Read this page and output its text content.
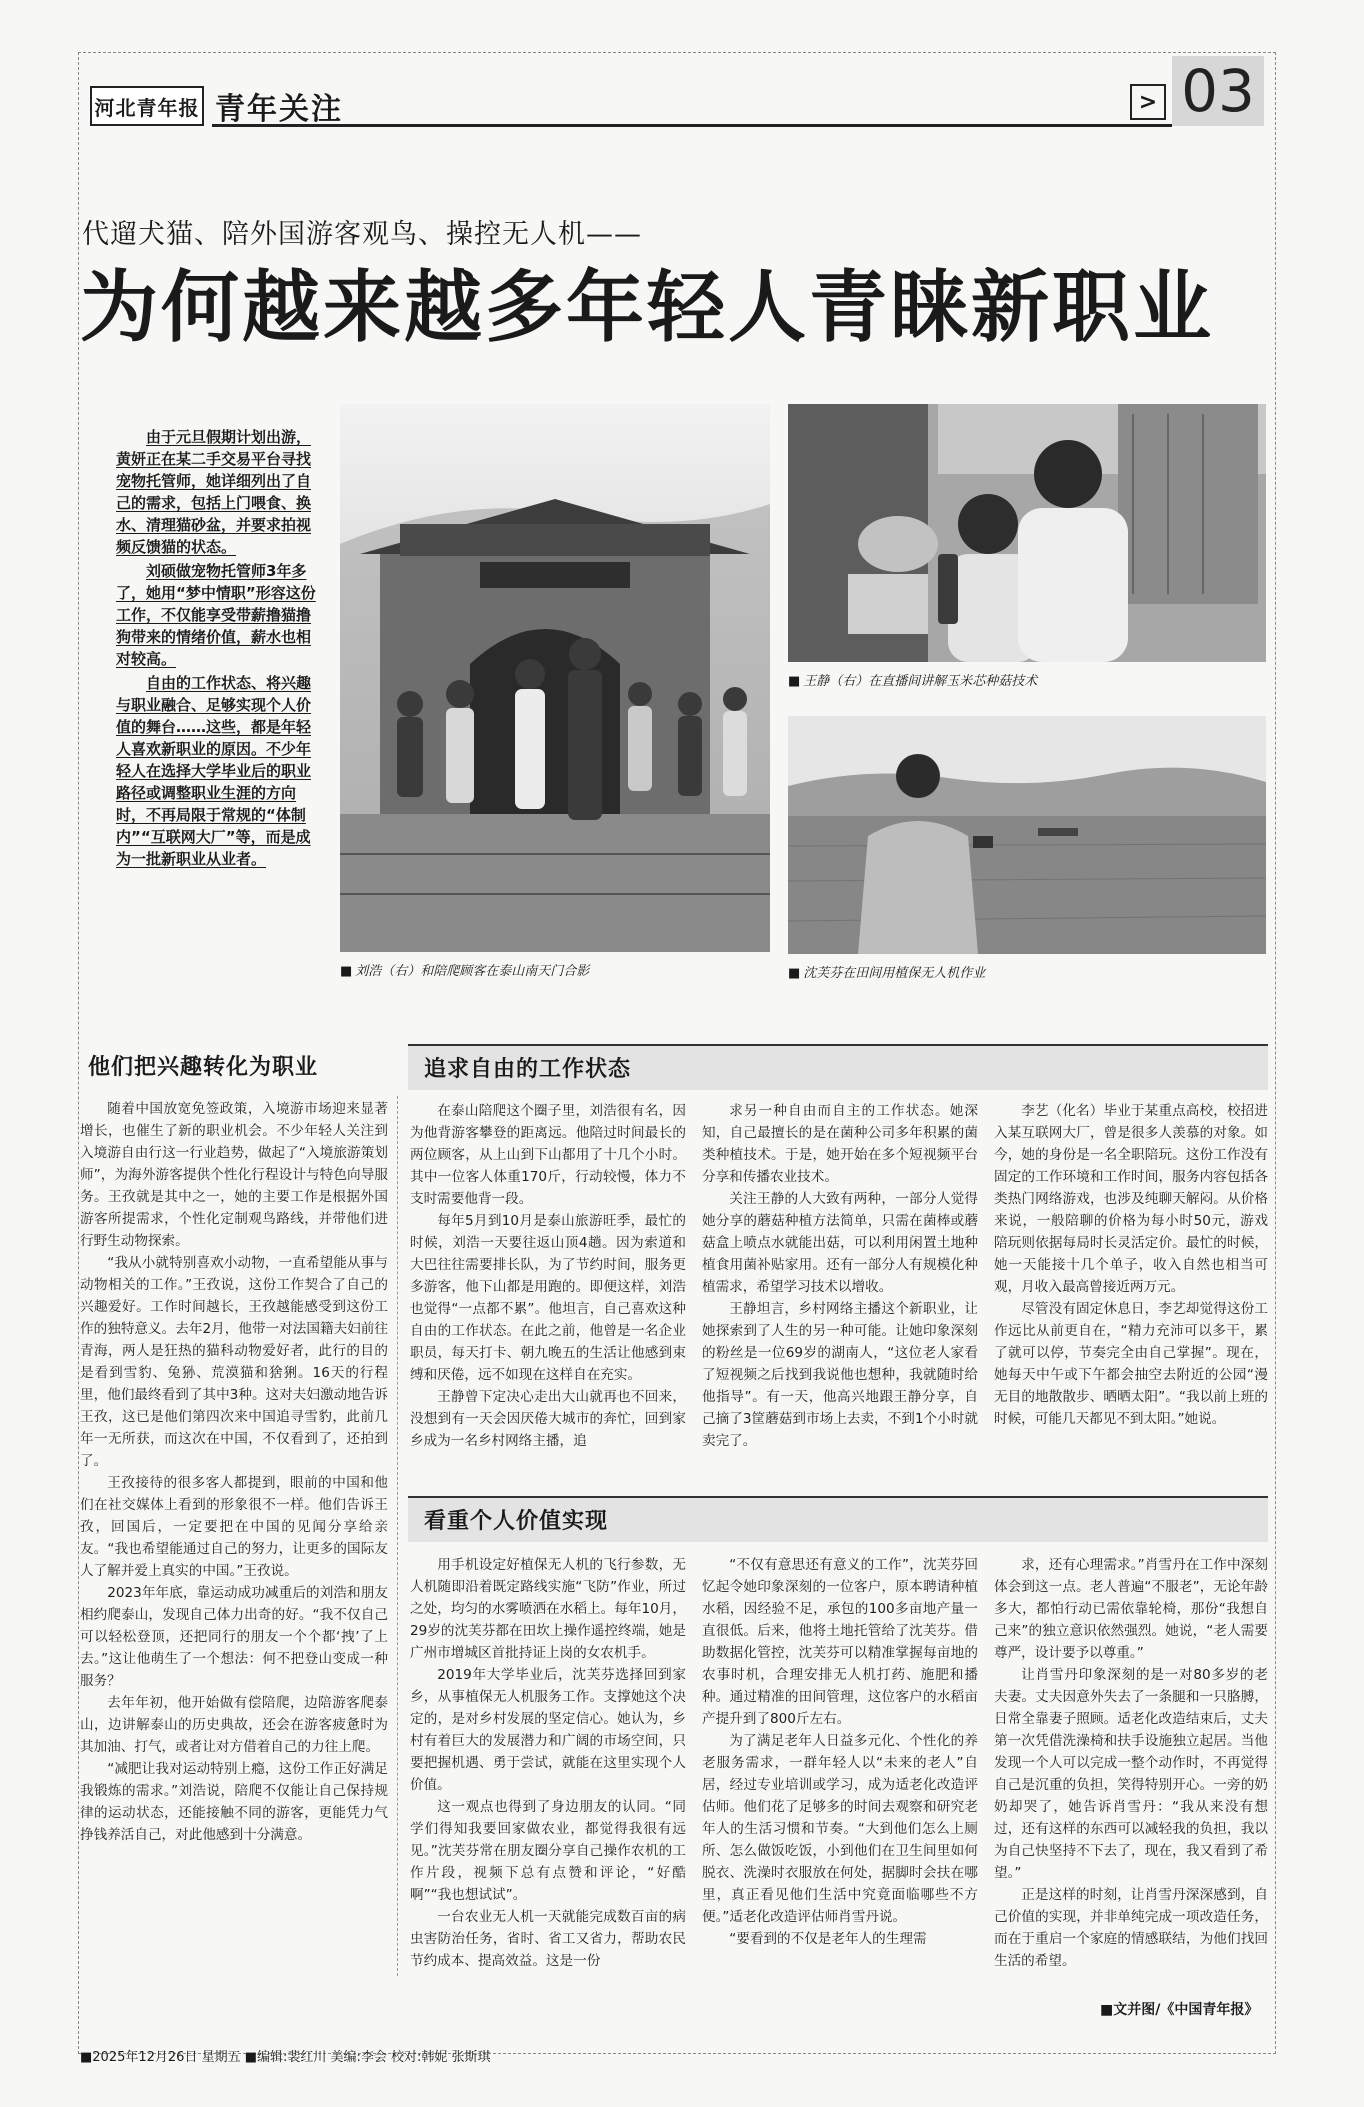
河北青年报 青年关注	> 03
代遛犬猫、陪外国游客观鸟、操控无人机——
为何越来越多年轻人青睐新职业

由于元旦假期计划出游，黄妍正在某二手交易平台寻找宠物托管师，她详细列出了自己的需求，包括上门喂食、换水、清理猫砂盆，并要求拍视频反馈猫的状态。

刘硕做宠物托管师3年多了，她用“梦中情职”形容这份工作，不仅能享受带薪撸猫撸狗带来的情绪价值，薪水也相对较高。

自由的工作状态、将兴趣与职业融合、足够实现个人价值的舞台……这些，都是年轻人喜欢新职业的原因。不少年轻人在选择大学毕业后的职业路径或调整职业生涯的方向时，不再局限于常规的“体制内”“互联网大厂”等，而是成为一批新职业从业者。

■ 刘浩（右）和陪爬顾客在泰山南天门合影
■ 王静（右）在直播间讲解玉米芯种菇技术
■ 沈芙芬在田间用植保无人机作业
他们把兴趣转化为职业	追求自由的工作状态
看重个人价值实现

随着中国放宽免签政策，入境游市场迎来显著增长，也催生了新的职业机会。不少年轻人关注到入境游自由行这一行业趋势，做起了“入境旅游策划师”，为海外游客提供个性化行程设计与特色向导服务。王孜就是其中之一，她的主要工作是根据外国游客所提需求，个性化定制观鸟路线，并带他们进行野生动物探索。

“我从小就特别喜欢小动物，一直希望能从事与动物相关的工作。”王孜说，这份工作契合了自己的兴趣爱好。工作时间越长，王孜越能感受到这份工作的独特意义。去年2月，他带一对法国籍夫妇前往青海，两人是狂热的猫科动物爱好者，此行的目的是看到雪豹、兔狲、荒漠猫和猞猁。16天的行程里，他们最终看到了其中3种。这对夫妇激动地告诉王孜，这已是他们第四次来中国追寻雪豹，此前几年一无所获，而这次在中国，不仅看到了，还拍到了。

王孜接待的很多客人都提到，眼前的中国和他们在社交媒体上看到的形象很不一样。他们告诉王孜，回国后，一定要把在中国的见闻分享给亲友。“我也希望能通过自己的努力，让更多的国际友人了解并爱上真实的中国。”王孜说。

2023年年底，靠运动成功减重后的刘浩和朋友相约爬泰山，发现自己体力出奇的好。“我不仅自己可以轻松登顶，还把同行的朋友一个个都‘拽’了上去。”这让他萌生了一个想法：何不把登山变成一种服务？

去年年初，他开始做有偿陪爬，边陪游客爬泰山，边讲解泰山的历史典故，还会在游客疲惫时为其加油、打气，或者让对方借着自己的力往上爬。

“减肥让我对运动特别上瘾，这份工作正好满足我锻炼的需求。”刘浩说，陪爬不仅能让自己保持规律的运动状态，还能接触不同的游客，更能凭力气挣钱养活自己，对此他感到十分满意。

在泰山陪爬这个圈子里，刘浩很有名，因为他背游客攀登的距离远。他陪过时间最长的两位顾客，从上山到下山都用了十几个小时。其中一位客人体重170斤，行动较慢，体力不支时需要他背一段。

每年5月到10月是泰山旅游旺季，最忙的时候，刘浩一天要往返山顶4趟。因为索道和大巴往往需要排长队，为了节约时间，服务更多游客，他下山都是用跑的。即便这样，刘浩也觉得“一点都不累”。他坦言，自己喜欢这种自由的工作状态。在此之前，他曾是一名企业职员，每天打卡、朝九晚五的生活让他感到束缚和厌倦，远不如现在这样自在充实。

王静曾下定决心走出大山就再也不回来，没想到有一天会因厌倦大城市的奔忙，回到家乡成为一名乡村网络主播，追

求另一种自由而自主的工作状态。她深知，自己最擅长的是在菌种公司多年积累的菌类种植技术。于是，她开始在多个短视频平台分享和传播农业技术。

关注王静的人大致有两种，一部分人觉得她分享的蘑菇种植方法简单，只需在菌棒或蘑菇盒上喷点水就能出菇，可以利用闲置土地种植食用菌补贴家用。还有一部分人有规模化种植需求，希望学习技术以增收。

王静坦言，乡村网络主播这个新职业，让她探索到了人生的另一种可能。让她印象深刻的粉丝是一位69岁的湖南人，“这位老人家看了短视频之后找到我说他也想种，我就随时给他指导”。有一天，他高兴地跟王静分享，自己摘了3筐蘑菇到市场上去卖，不到1个小时就卖完了。

李艺（化名）毕业于某重点高校，校招进入某互联网大厂，曾是很多人羡慕的对象。如今，她的身份是一名全职陪玩。这份工作没有固定的工作环境和工作时间，服务内容包括各类热门网络游戏，也涉及纯聊天解闷。从价格来说，一般陪聊的价格为每小时50元，游戏陪玩则依据每局时长灵活定价。最忙的时候，她一天能接十几个单子，收入自然也相当可观，月收入最高曾接近两万元。

尽管没有固定休息日，李艺却觉得这份工作远比从前更自在，“精力充沛可以多干，累了就可以停，节奏完全由自己掌握”。现在，她每天中午或下午都会抽空去附近的公园“漫无目的地散散步、晒晒太阳”。“我以前上班的时候，可能几天都见不到太阳。”她说。

用手机设定好植保无人机的飞行参数，无人机随即沿着既定路线实施“飞防”作业，所过之处，均匀的水雾喷洒在水稻上。每年10月，29岁的沈芙芬都在田坎上操作遥控终端，她是广州市增城区首批持证上岗的女农机手。

2019年大学毕业后，沈芙芬选择回到家乡，从事植保无人机服务工作。支撑她这个决定的，是对乡村发展的坚定信心。她认为，乡村有着巨大的发展潜力和广阔的市场空间，只要把握机遇、勇于尝试，就能在这里实现个人价值。

这一观点也得到了身边朋友的认同。“同学们得知我要回家做农业，都觉得我很有远见。”沈芙芬常在朋友圈分享自己操作农机的工作片段，视频下总有点赞和评论，“好酷啊”“我也想试试”。

一台农业无人机一天就能完成数百亩的病虫害防治任务，省时、省工又省力，帮助农民节约成本、提高效益。这是一份

“不仅有意思还有意义的工作”，沈芙芬回忆起令她印象深刻的一位客户，原本聘请种植水稻，因经验不足，承包的100多亩地产量一直很低。后来，他将土地托管给了沈芙芬。借助数据化管控，沈芙芬可以精准掌握每亩地的农事时机，合理安排无人机打药、施肥和播种。通过精准的田间管理，这位客户的水稻亩产提升到了800斤左右。

为了满足老年人日益多元化、个性化的养老服务需求，一群年轻人以“未来的老人”自居，经过专业培训或学习，成为适老化改造评估师。他们花了足够多的时间去观察和研究老年人的生活习惯和节奏。“大到他们怎么上厕所、怎么做饭吃饭，小到他们在卫生间里如何脱衣、洗澡时衣服放在何处，据脚时会扶在哪里，真正看见他们生活中究竟面临哪些不方便。”适老化改造评估师肖雪丹说。

“要看到的不仅是老年人的生理需

求，还有心理需求。”肖雪丹在工作中深刻体会到这一点。老人普遍“不服老”，无论年龄多大，都怕行动已需依靠轮椅，那份“我想自己来”的独立意识依然强烈。她说，“老人需要尊严，设计要予以尊重。”

让肖雪丹印象深刻的是一对80多岁的老夫妻。丈夫因意外失去了一条腿和一只胳膊，日常全靠妻子照顾。适老化改造结束后，丈夫第一次凭借洗澡椅和扶手设施独立起居。当他发现一个人可以完成一整个动作时，不再觉得自己是沉重的负担，笑得特别开心。一旁的奶奶却哭了，她告诉肖雪丹：“我从来没有想过，还有这样的东西可以减轻我的负担，我以为自己快坚持不下去了，现在，我又看到了希望。”

正是这样的时刻，让肖雪丹深深感到，自己价值的实现，并非单纯完成一项改造任务，而在于重启一个家庭的情感联结，为他们找回生活的希望。

■文并图/《中国青年报》
■2025年12月26日 星期五 ■编辑:裴红川 美编:李会 校对:韩妮 张斯琪
